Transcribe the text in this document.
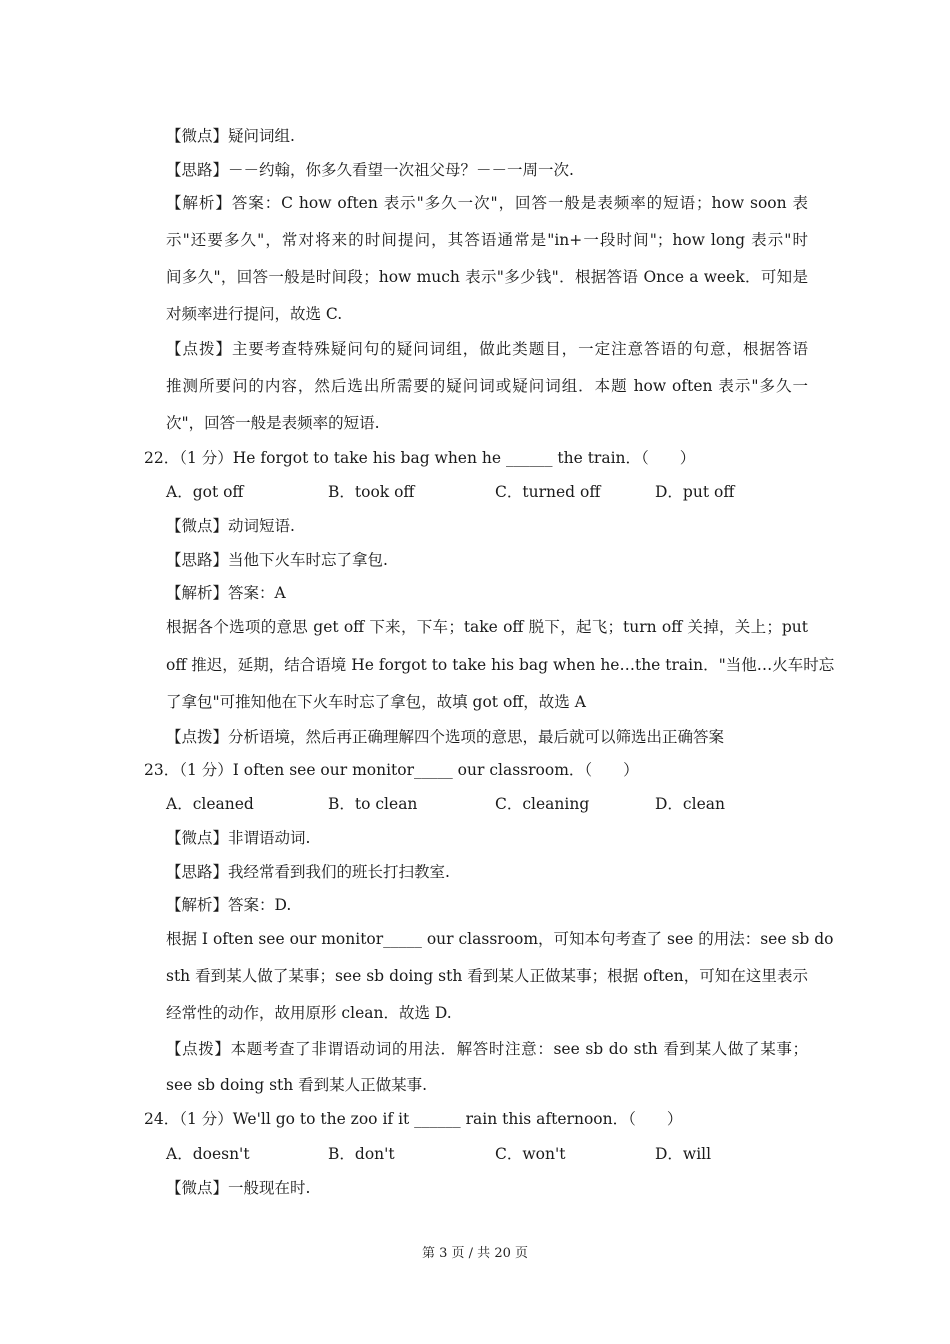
【微点】疑问词组.
【思路】－－约翰，你多久看望一次祖父母？－－一周一次.
【解析】答案：C how often 表示"多久一次"，回答一般是表频率的短语；how soon 表
示"还要多久"，常对将来的时间提问，其答语通常是"in+一段时间"；how long 表示"时
间多久"，回答一般是时间段；how much 表示"多少钱"．根据答语 Once a week．可知是
对频率进行提问，故选 C.
【点拨】主要考查特殊疑问句的疑问词组，做此类题目，一定注意答语的句意，根据答语
推测所要问的内容，然后选出所需要的疑问词或疑问词组．本题 how often 表示"多久一
次"，回答一般是表频率的短语.
22．（1 分）He forgot to take his bag when he ______ the train．（　　）
A．got off	B．took off	C．turned off	D．put off
【微点】动词短语.
【思路】当他下火车时忘了拿包.
【解析】答案：A
根据各个选项的意思 get off 下来，下车；take off 脱下，起飞；turn off 关掉，关上；put
off 推迟，延期，结合语境 He forgot to take his bag when he…the train．"当他…火车时忘
了拿包"可推知他在下火车时忘了拿包，故填 got off，故选 A
【点拨】分析语境，然后再正确理解四个选项的意思，最后就可以筛选出正确答案
23．（1 分）I often see our monitor_____ our classroom．（　　）
A．cleaned	B．to clean	C．cleaning	D．clean
【微点】非谓语动词.
【思路】我经常看到我们的班长打扫教室.
【解析】答案：D.
根据 I often see our monitor_____ our classroom，可知本句考查了 see 的用法：see sb do
sth 看到某人做了某事；see sb doing sth 看到某人正做某事；根据 often，可知在这里表示
经常性的动作，故用原形 clean．故选 D.
【点拨】本题考查了非谓语动词的用法．解答时注意：see sb do sth 看到某人做了某事；
see sb doing sth 看到某人正做某事.
24．（1 分）We'll go to the zoo if it ______ rain this afternoon．（　　）
A．doesn't	B．don't	C．won't	D．will
【微点】一般现在时.
第 3 页 / 共 20 页
